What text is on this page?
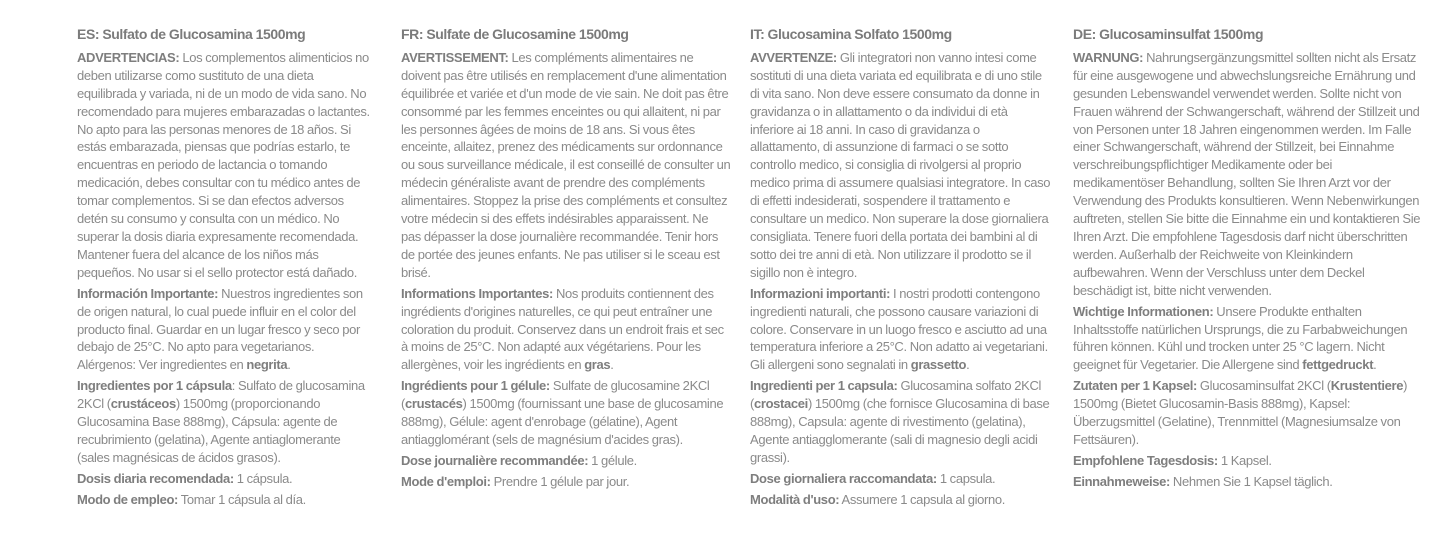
ES: Sulfato de Glucosamina 1500mg

ADVERTENCIAS: Los complementos alimenticios no deben utilizarse como sustituto de una dieta equilibrada y variada, ni de un modo de vida sano. No recomendado para mujeres embarazadas o lactantes. No apto para las personas menores de 18 años. Si estás embarazada, piensas que podrías estarlo, te encuentras en periodo de lactancia o tomando medicación, debes consultar con tu médico antes de tomar complementos. Si se dan efectos adversos detén su consumo y consulta con un médico. No superar la dosis diaria expresamente recomendada. Mantener fuera del alcance de los niños más pequeños. No usar si el sello protector está dañado.

Información Importante: Nuestros ingredientes son de origen natural, lo cual puede influir en el color del producto final. Guardar en un lugar fresco y seco por debajo de 25°C. No apto para vegetarianos. Alérgenos: Ver ingredientes en negrita.

Ingredientes por 1 cápsula: Sulfato de glucosamina 2KCl (crustáceos) 1500mg (proporcionando Glucosamina Base 888mg), Cápsula: agente de recubrimiento (gelatina), Agente antiaglomerante (sales magnésicas de ácidos grasos).

Dosis diaria recomendada: 1 cápsula.

Modo de empleo: Tomar 1 cápsula al día.

FR: Sulfate de Glucosamine 1500mg

AVERTISSEMENT: Les compléments alimentaires ne doivent pas être utilisés en remplacement d'une alimentation équilibrée et variée et d'un mode de vie sain. Ne doit pas être consommé par les femmes enceintes ou qui allaitent, ni par les personnes âgées de moins de 18 ans. Si vous êtes enceinte, allaitez, prenez des médicaments sur ordonnance ou sous surveillance médicale, il est conseillé de consulter un médecin généraliste avant de prendre des compléments alimentaires. Stoppez la prise des compléments et consultez votre médecin si des effets indésirables apparaissent. Ne pas dépasser la dose journalière recommandée. Tenir hors de portée des jeunes enfants. Ne pas utiliser si le sceau est brisé.

Informations Importantes: Nos produits contiennent des ingrédients d'origines naturelles, ce qui peut entraîner une coloration du produit. Conservez dans un endroit frais et sec à moins de 25°C. Non adapté aux végétariens. Pour les allergènes, voir les ingrédients en gras.

Ingrédients pour 1 gélule: Sulfate de glucosamine 2KCl (crustacés) 1500mg (fournissant une base de glucosamine 888mg), Gélule: agent d'enrobage (gélatine), Agent antiagglomérant (sels de magnésium d'acides gras).

Dose journalière recommandée: 1 gélule.

Mode d'emploi: Prendre 1 gélule par jour.

IT: Glucosamina Solfato 1500mg

AVVERTENZE: Gli integratori non vanno intesi come sostituti di una dieta variata ed equilibrata e di uno stile di vita sano. Non deve essere consumato da donne in gravidanza o in allattamento o da individui di età inferiore ai 18 anni. In caso di gravidanza o allattamento, di assunzione di farmaci o se sotto controllo medico, si consiglia di rivolgersi al proprio medico prima di assumere qualsiasi integratore. In caso di effetti indesiderati, sospendere il trattamento e consultare un medico. Non superare la dose giornaliera consigliata. Tenere fuori della portata dei bambini al di sotto dei tre anni di età. Non utilizzare il prodotto se il sigillo non è integro.

Informazioni importanti: I nostri prodotti contengono ingredienti naturali, che possono causare variazioni di colore. Conservare in un luogo fresco e asciutto ad una temperatura inferiore a 25°C. Non adatto ai vegetariani. Gli allergeni sono segnalati in grassetto.

Ingredienti per 1 capsula: Glucosamina solfato 2KCl (crostacei) 1500mg (che fornisce Glucosamina di base 888mg), Capsula: agente di rivestimento (gelatina), Agente antiagglomerante (sali di magnesio degli acidi grassi).

Dose giornaliera raccomandata: 1 capsula.

Modalità d'uso: Assumere 1 capsula al giorno.

DE: Glucosaminsulfat 1500mg

WARNUNG: Nahrungsergänzungsmittel sollten nicht als Ersatz für eine ausgewogene und abwechslungsreiche Ernährung und gesunden Lebenswandel verwendet werden. Sollte nicht von Frauen während der Schwangerschaft, während der Stillzeit und von Personen unter 18 Jahren eingenommen werden. Im Falle einer Schwangerschaft, während der Stillzeit, bei Einnahme verschreibungspflichtiger Medikamente oder bei medikamentöser Behandlung, sollten Sie Ihren Arzt vor der Verwendung des Produkts konsultieren. Wenn Nebenwirkungen auftreten, stellen Sie bitte die Einnahme ein und kontaktieren Sie Ihren Arzt. Die empfohlene Tagesdosis darf nicht überschritten werden. Außerhalb der Reichweite von Kleinkindern aufbewahren. Wenn der Verschluss unter dem Deckel beschädigt ist, bitte nicht verwenden.

Wichtige Informationen: Unsere Produkte enthalten Inhaltsstoffe natürlichen Ursprungs, die zu Farbabweichungen führen können. Kühl und trocken unter 25 °C lagern. Nicht geeignet für Vegetarier. Die Allergene sind fettgedruckt.

Zutaten per 1 Kapsel: Glucosaminsulfat 2KCl (Krustentiere) 1500mg (Bietet Glucosamin-Basis 888mg), Kapsel: Überzugsmittel (Gelatine), Trennmittel (Magnesiumsalze von Fettsäuren).

Empfohlene Tagesdosis: 1 Kapsel.

Einnahmeweise: Nehmen Sie 1 Kapsel täglich.
